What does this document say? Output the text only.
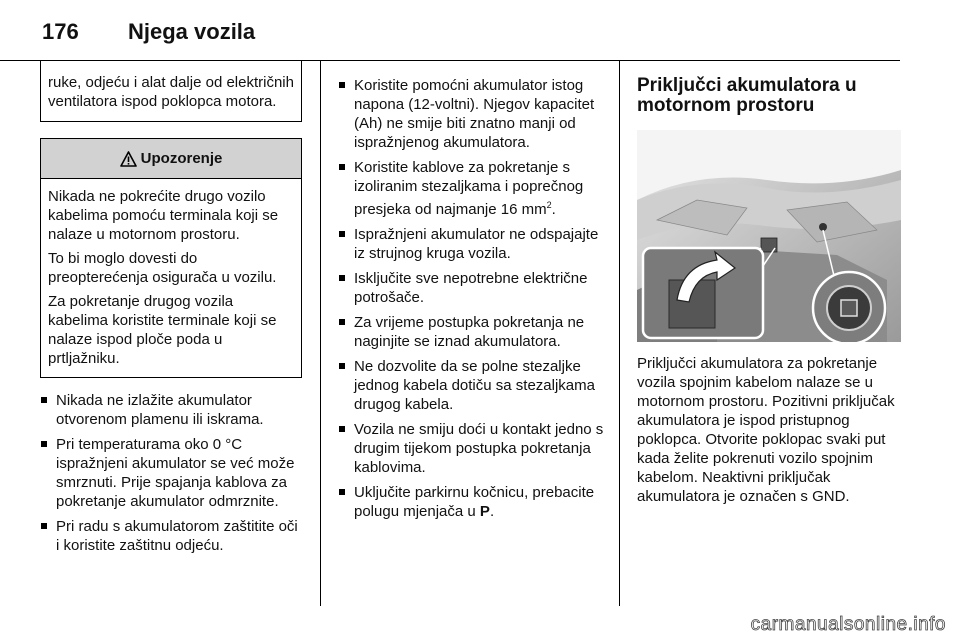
176	Njega vozila
ruke, odjeću i alat dalje od električnih ventilatora ispod poklopca motora.
Upozorenje

Nikada ne pokrećite drugo vozilo kabelima pomoću terminala koji se nalaze u motornom prostoru.

To bi moglo dovesti do preopterećenja osigurača u vozilu.

Za pokretanje drugog vozila kabelima koristite terminale koji se nalaze ispod ploče poda u prtljažniku.

Nikada ne izlažite akumulator otvorenom plamenu ili iskrama.
Pri temperaturama oko 0 °C ispražnjeni akumulator se već može smrznuti. Prije spajanja kablova za pokretanje akumulator odmrznite.
Pri radu s akumulatorom zaštitite oči i koristite zaštitnu odjeću.
Koristite pomoćni akumulator istog napona (12-voltni). Njegov kapacitet (Ah) ne smije biti znatno manji od ispražnjenog akumulatora.
Koristite kablove za pokretanje s izoliranim stezaljkama i poprečnog presjeka od najmanje 16 $mm^2$.
Ispražnjeni akumulator ne odspajajte iz strujnog kruga vozila.
Isključite sve nepotrebne električne potrošače.
Za vrijeme postupka pokretanja ne naginjite se iznad akumulatora.
Ne dozvolite da se polne stezaljke jednog kabela dotiču sa stezaljkama drugog kabela.
Vozila ne smiju doći u kontakt jedno s drugim tijekom postupka pokretanja kablovima.
Uključite parkirnu kočnicu, prebacite polugu mjenjača u P.
Priključci akumulatora u motornom prostoru
Priključci akumulatora za pokretanje vozila spojnim kabelom nalaze se u motornom prostoru. Pozitivni priključak akumulatora je ispod pristupnog poklopca. Otvorite poklopac svaki put kada želite pokrenuti vozilo spojnim kabelom. Neaktivni priključak akumulatora je označen s GND.
carmanualsonline.info
